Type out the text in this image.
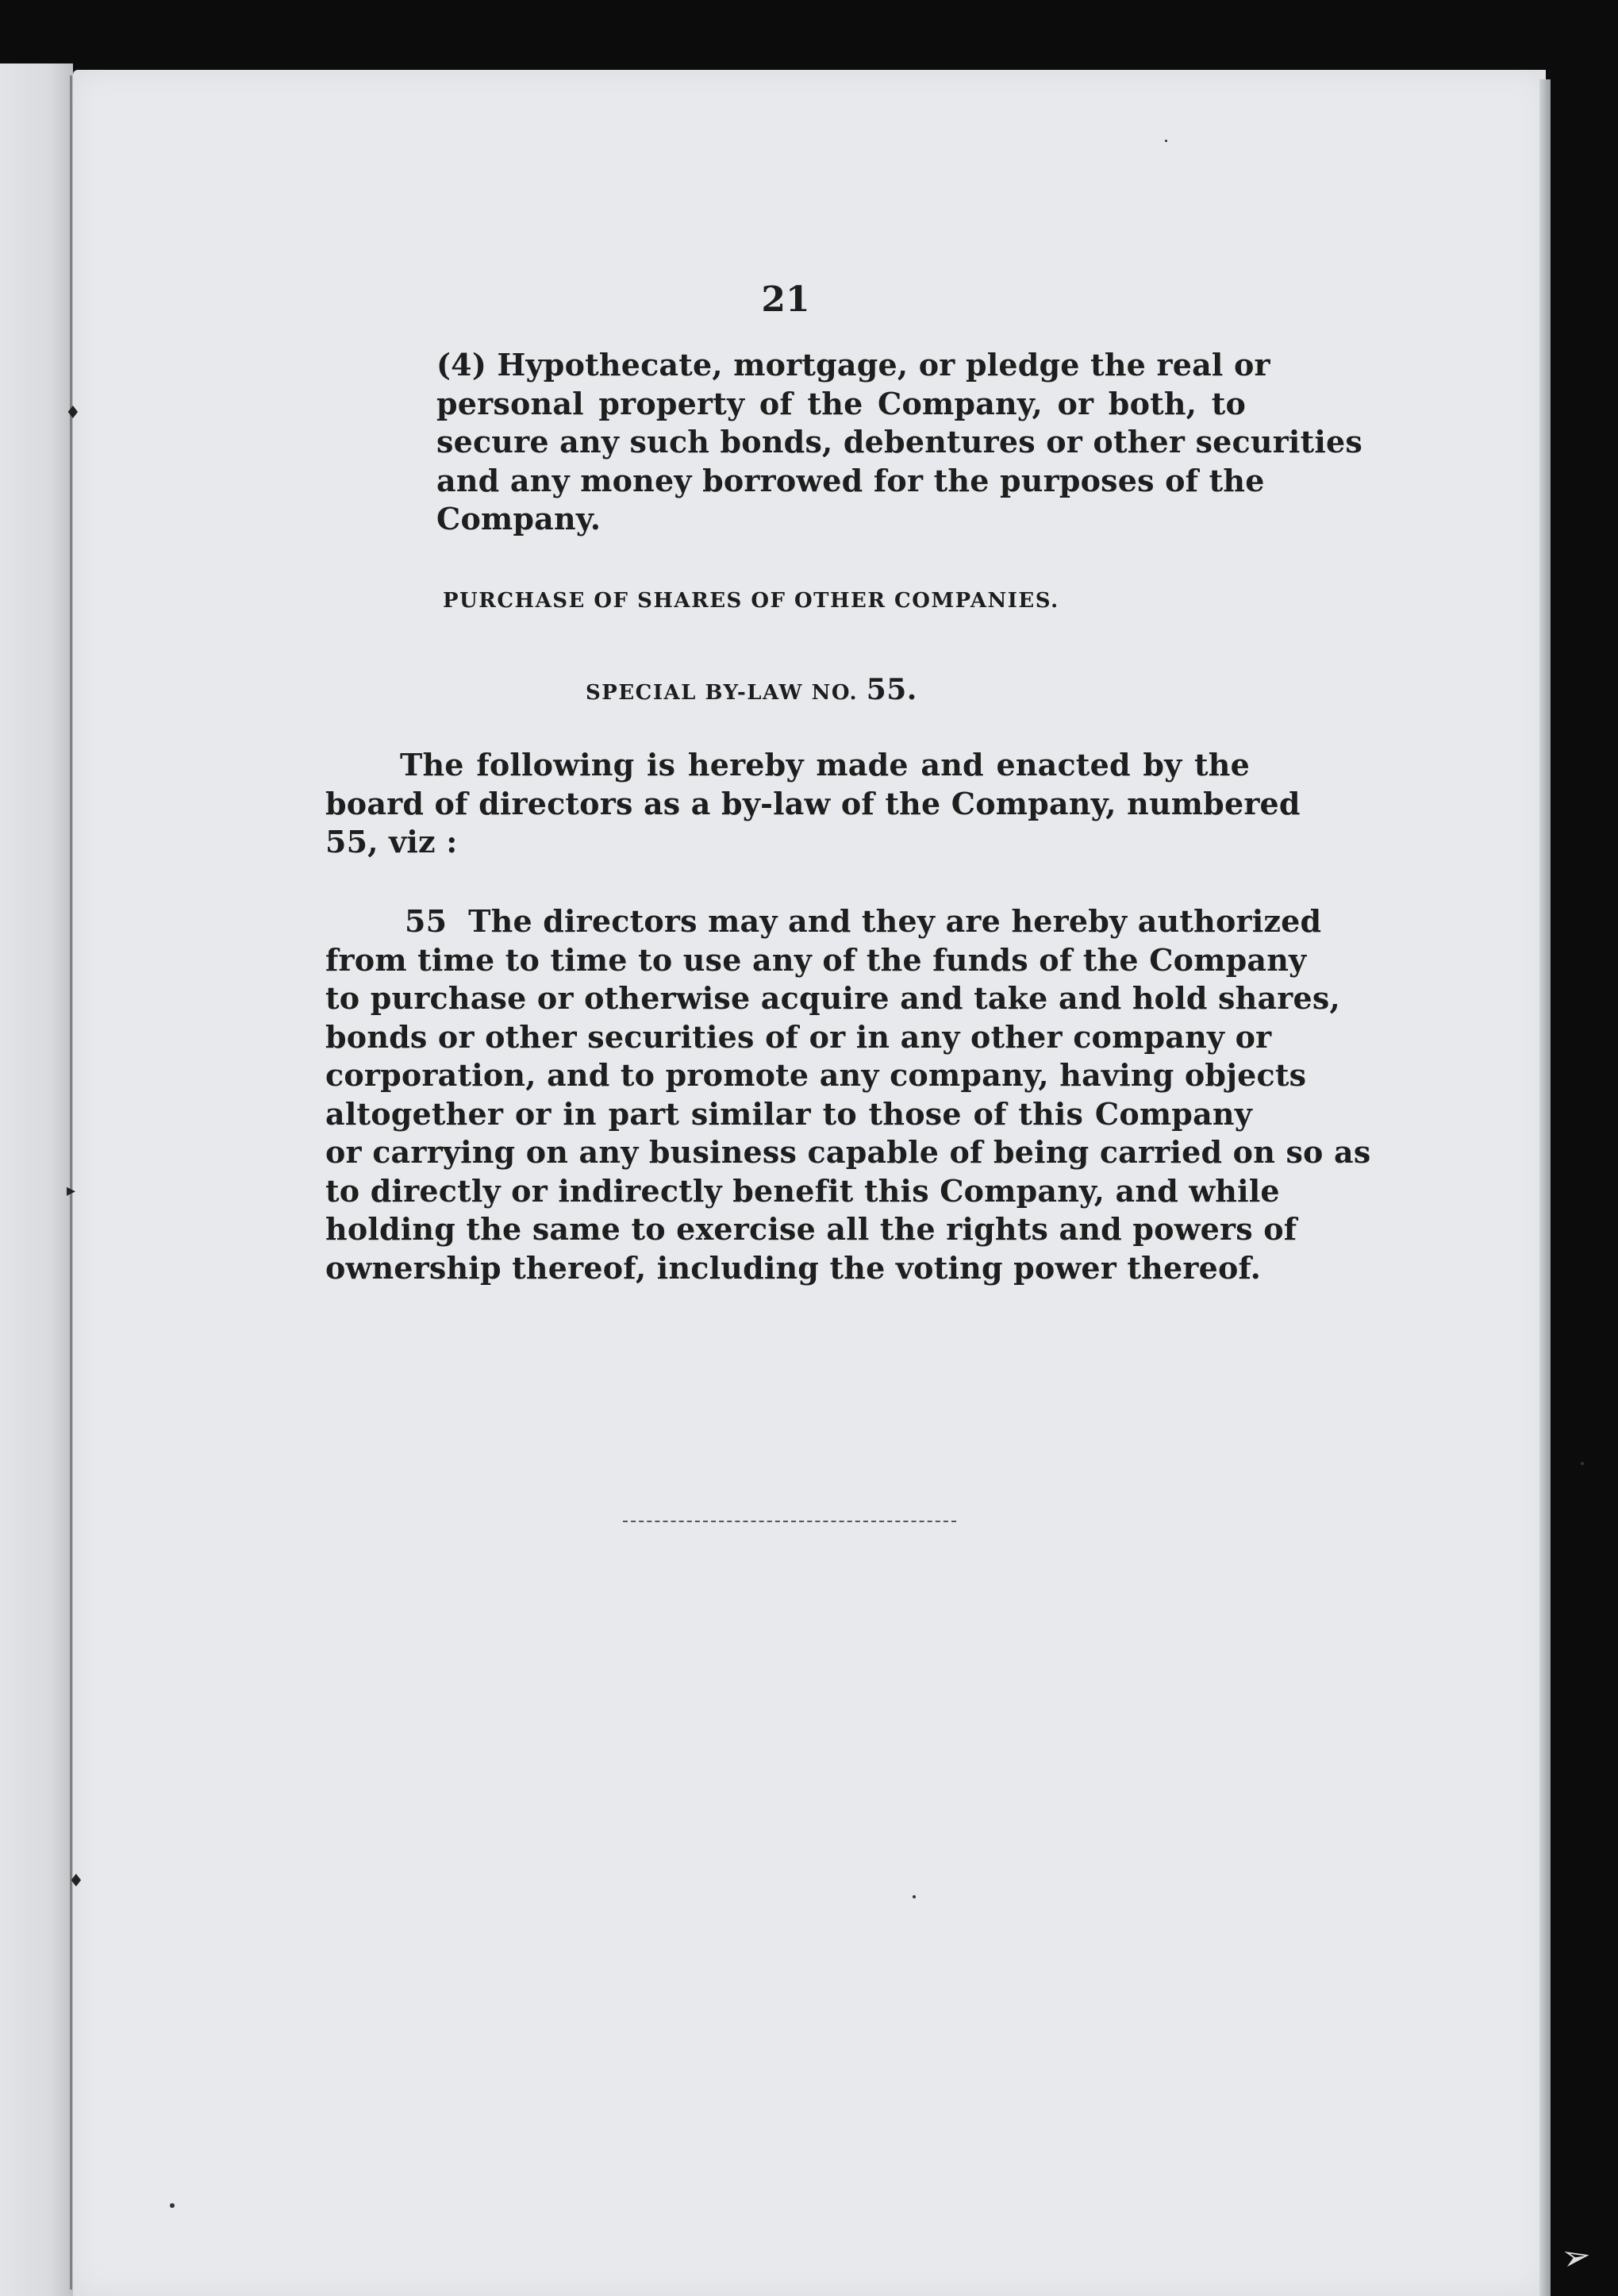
♦
▸
♦
➢
21
(4) Hypothecate, mortgage, or pledge the real or
personal property of the Company, or both, to
secure any such bonds, debentures or other securities
and any money borrowed for the purposes of the
Company.
PURCHASE OF SHARES OF OTHER COMPANIES.
SPECIAL BY-LAW NO. 55.
The following is hereby made and enacted by the
board of directors as a by-law of the Company, numbered
55, viz :
55 The directors may and they are hereby authorized
from time to time to use any of the funds of the Company
to purchase or otherwise acquire and take and hold shares,
bonds or other securities of or in any other company or
corporation, and to promote any company, having objects
altogether or in part similar to those of this Company
or carrying on any business capable of being carried on so as
to directly or indirectly benefit this Company, and while
holding the same to exercise all the rights and powers of
ownership thereof, including the voting power thereof.
